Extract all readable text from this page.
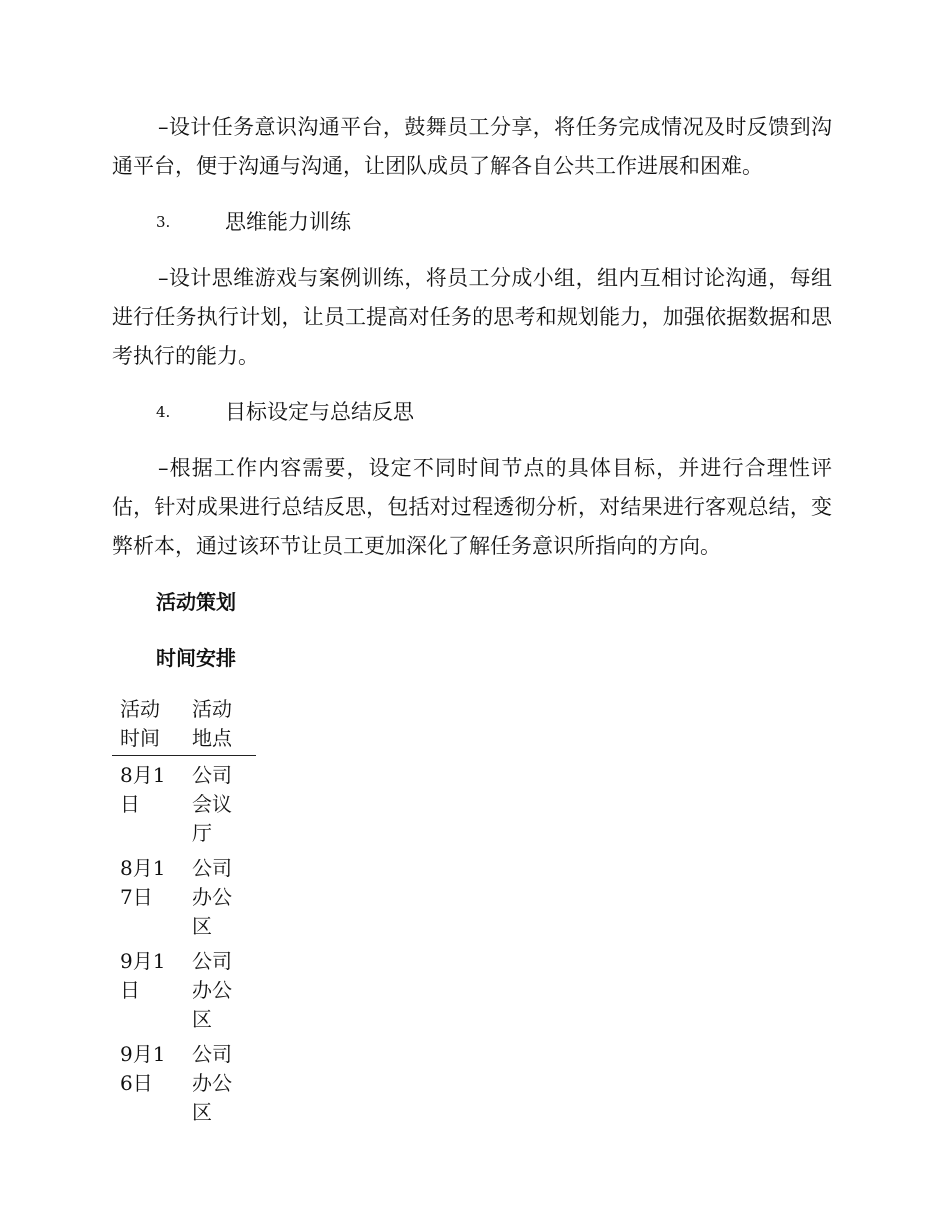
–设计任务意识沟通平台，鼓舞员工分享，将任务完成情况及时反馈到沟通平台，便于沟通与沟通，让团队成员了解各自公共工作进展和困难。

3.	思维能力训练

–设计思维游戏与案例训练，将员工分成小组，组内互相讨论沟通，每组进行任务执行计划，让员工提高对任务的思考和规划能力，加强依据数据和思考执行的能力。

4.	目标设定与总结反思

–根据工作内容需要，设定不同时间节点的具体目标，并进行合理性评估，针对成果进行总结反思，包括对过程透彻分析，对结果进行客观总结，变弊析本，通过该环节让员工更加深化了解任务意识所指向的方向。

活动策划
时间安排
活动时间	活动地点
8月1日	公司会议厅
8月17日	公司办公区
9月1日	公司办公区
9月16日	公司办公区
